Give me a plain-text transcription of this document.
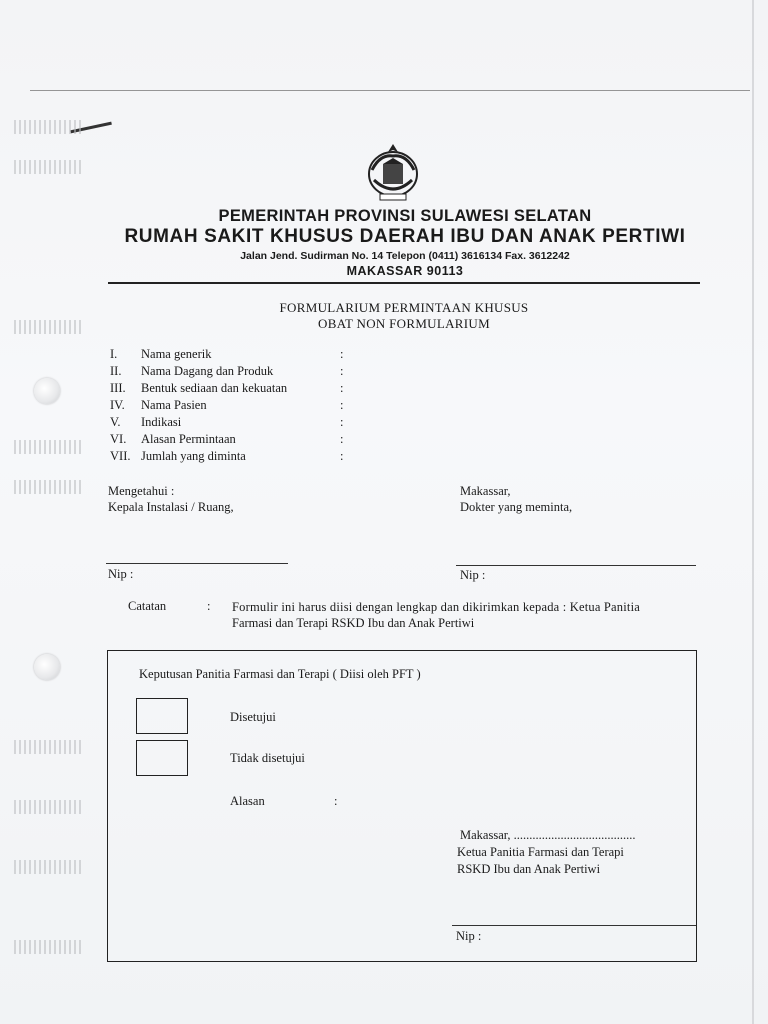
PEMERINTAH PROVINSI SULAWESI SELATAN
RUMAH SAKIT KHUSUS DAERAH IBU DAN ANAK PERTIWI
Jalan Jend. Sudirman No. 14 Telepon (0411) 3616134 Fax. 3612242
MAKASSAR 90113
FORMULARIUM PERMINTAAN KHUSUS
OBAT NON FORMULARIUM
I.	Nama generik	:
II.	Nama Dagang dan Produk	:
III.	Bentuk sediaan dan kekuatan	:
IV.	Nama Pasien	:
V.	Indikasi	:
VI.	Alasan Permintaan	:
VII. Jumlah yang diminta	:
Mengetahui :
Kepala Instalasi / Ruang,
Makassar,
Dokter yang meminta,
Nip :	Nip :
Catatan	: Formulir ini harus diisi dengan lengkap dan dikirimkan kepada : Ketua Panitia
Farmasi dan Terapi RSKD Ibu dan Anak Pertiwi
Keputusan Panitia Farmasi dan Terapi ( Diisi oleh PFT )
Disetujui
Tidak disetujui
Alasan	:
Makassar, .......................................
Ketua Panitia Farmasi dan Terapi
RSKD Ibu dan Anak Pertiwi
Nip :
